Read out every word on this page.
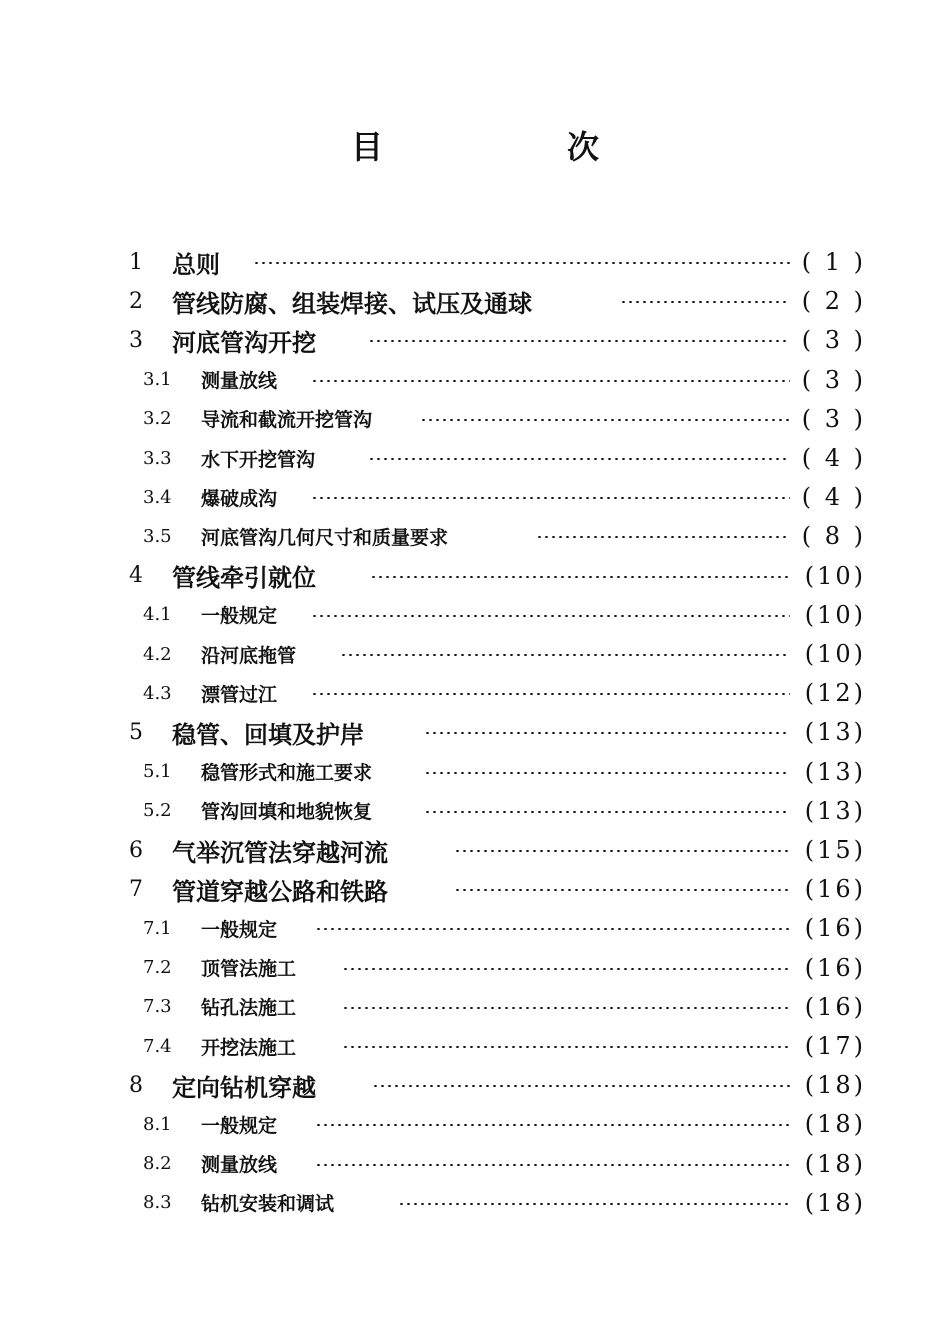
目　次
1 总则	( 1 )
2 管线防腐、组装焊接、试压及通球	( 2 )
3 河底管沟开挖	( 3 )
3.1 测量放线	( 3 )
3.2 导流和截流开挖管沟	( 3 )
3.3 水下开挖管沟	( 4 )
3.4 爆破成沟	( 4 )
3.5 河底管沟几何尺寸和质量要求	( 8 )
4 管线牵引就位	(10)
4.1 一般规定	(10)
4.2 沿河底拖管	(10)
4.3 漂管过江	(12)
5 稳管、回填及护岸	(13)
5.1 稳管形式和施工要求	(13)
5.2 管沟回填和地貌恢复	(13)
6 气举沉管法穿越河流	(15)
7 管道穿越公路和铁路	(16)
7.1 一般规定	(16)
7.2 顶管法施工	(16)
7.3 钻孔法施工	(16)
7.4 开挖法施工	(17)
8 定向钻机穿越	(18)
8.1 一般规定	(18)
8.2 测量放线	(18)
8.3 钻机安装和调试	(18)
